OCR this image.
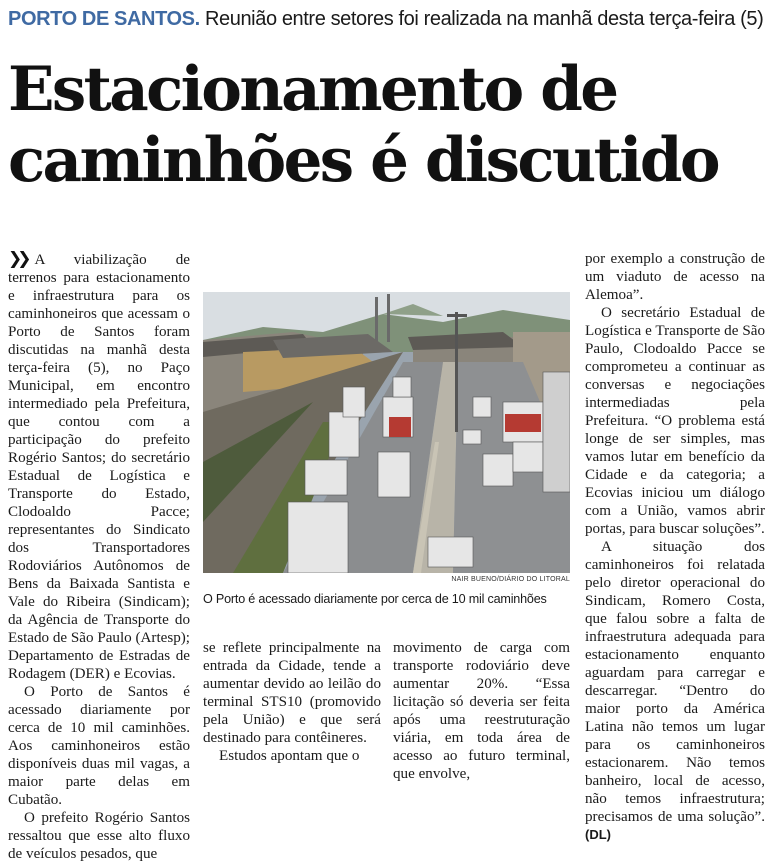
PORTO DE SANTOS. Reunião entre setores foi realizada na manhã desta terça-feira (5)
Estacionamento de
caminhões é discutido

❯❯ A viabilização de terrenos para estacionamento e infraestrutura para os caminhoneiros que acessam o Porto de Santos foram discutidas na manhã desta terça-feira (5), no Paço Municipal, em encontro intermediado pela Prefeitura, que contou com a participação do prefeito Rogério Santos; do secretário Estadual de Logística e Transporte do Estado, Clodoaldo Pacce; representantes do Sindicato dos Transportadores Rodoviários Autônomos de Bens da Baixada Santista e Vale do Ribeira (Sindicam); da Agência de Transporte do Estado de São Paulo (Artesp); Departamento de Estradas de Rodagem (DER) e Ecovias.

O Porto de Santos é acessado diariamente por cerca de 10 mil caminhões. Aos caminhoneiros estão disponíveis duas mil vagas, a maior parte delas em Cubatão.

O prefeito Rogério Santos ressaltou que esse alto fluxo de veículos pesados, que

NAIR BUENO/DIÁRIO DO LITORAL
O Porto é acessado diariamente por cerca de 10 mil caminhões

se reflete principalmente na entrada da Cidade, tende a aumentar devido ao leilão do terminal STS10 (promovido pela União) e que será destinado para contêineres.

Estudos apontam que o

movimento de carga com transporte rodoviário deve aumentar 20%. “Essa licitação só deveria ser feita após uma reestruturação viária, em toda área de acesso ao futuro terminal, que envolve,

por exemplo a construção de um viaduto de acesso na Alemoa”.

O secretário Estadual de Logística e Transporte de São Paulo, Clodoaldo Pacce se comprometeu a continuar as conversas e negociações intermediadas pela Prefeitura. “O problema está longe de ser simples, mas vamos lutar em benefício da Cidade e da categoria; a Ecovias iniciou um diálogo com a União, vamos abrir portas, para buscar soluções”.

A situação dos caminhoneiros foi relatada pelo diretor operacional do Sindicam, Romero Costa, que falou sobre a falta de infraestrutura adequada para estacionamento enquanto aguardam para carregar e descarregar. “Dentro do maior porto da América Latina não temos um lugar para os caminhoneiros estacionarem. Não temos banheiro, local de acesso, não temos infraestrutura; precisamos de uma solução”. (DL)
